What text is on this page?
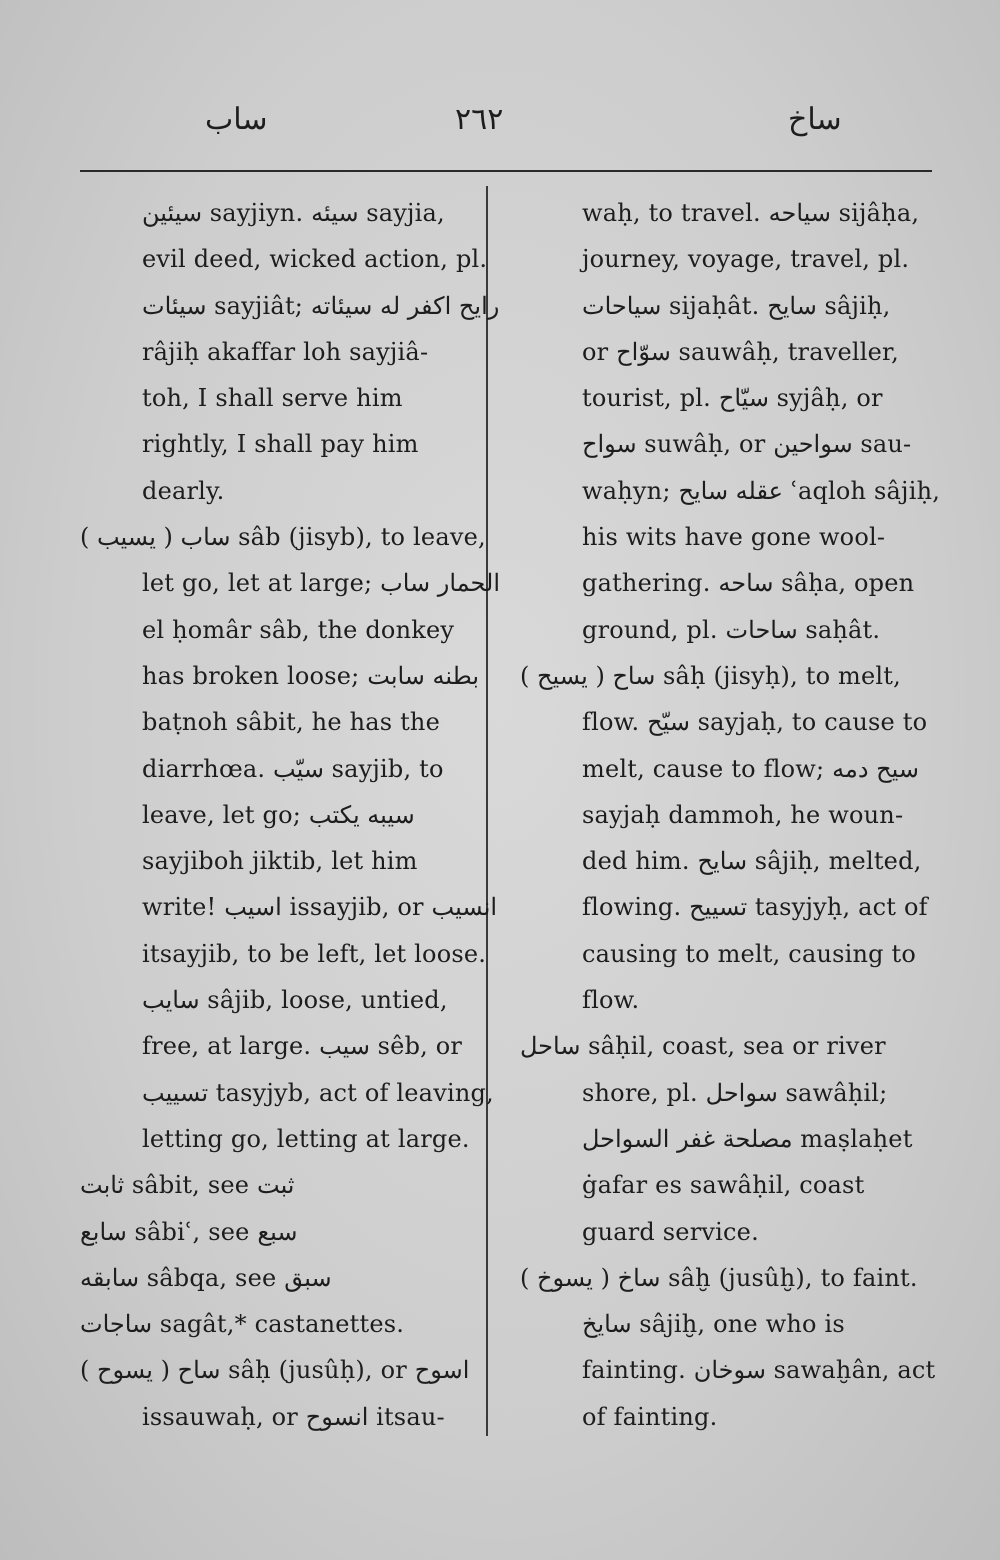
ساب	٢٦٢	ساخ
سيئين sayjiyn. سيئه sayjia,
evil deed, wicked action, pl.
سيئات sayjiât; رايح اكفر له سيئاته
râjiḥ akaffar loh sayjiâ-
toh, I shall serve him
rightly, I shall pay him
dearly.
ساب ( يسيب ) sâb (jisyb), to leave,
let go, let at large; الحمار ساب
el ḥomâr sâb, the donkey
has broken loose; بطنه سابت
baṭnoh sâbit, he has the
diarrhœa. سيّب sayjib, to
leave, let go; سيبه يكتب
sayjiboh jiktib, let him
write! اسيب issayjib, or انسيب
itsayjib, to be left, let loose.
سايب sâjib, loose, untied,
free, at large. سيب sêb, or
تسييب tasyjyb, act of leaving,
letting go, letting at large.
ثابت sâbit, see ثبت
سابع sâbiʿ, see سبع
سابقه sâbqa, see سبق
ساجات sagât,* castanettes.
ساح ( يسوح ) sâḥ (jusûḥ), or اسوح
issauwaḥ, or انسوح itsau-
waḥ, to travel. سياحه sijâḥa,
journey, voyage, travel, pl.
سياحات sijaḥât. سايح sâjiḥ,
or سوّاح sauwâḥ, traveller,
tourist, pl. سيّاح syjâḥ, or
سواح suwâḥ, or سواحين sau-
waḥyn; عقله سايح ʿaqloh sâjiḥ,
his wits have gone wool-
gathering. ساحه sâḥa, open
ground, pl. ساحات saḥât.
ساح ( يسيح ) sâḥ (jisyḥ), to melt,
flow. سيّح sayjaḥ, to cause to
melt, cause to flow; سيح دمه
sayjaḥ dammoh, he woun-
ded him. سايح sâjiḥ, melted,
flowing. تسييح tasyjyḥ, act of
causing to melt, causing to
flow.
ساحل sâḥil, coast, sea or river
shore, pl. سواحل sawâḥil;
مصلحة غفر السواحل maṣlaḥet
ġafar es sawâḥil, coast
guard service.
ساخ ( يسوخ ) sâḫ (jusûḫ), to faint.
سايخ sâjiḫ, one who is
fainting. سوخان sawaḫân, act
of fainting.
